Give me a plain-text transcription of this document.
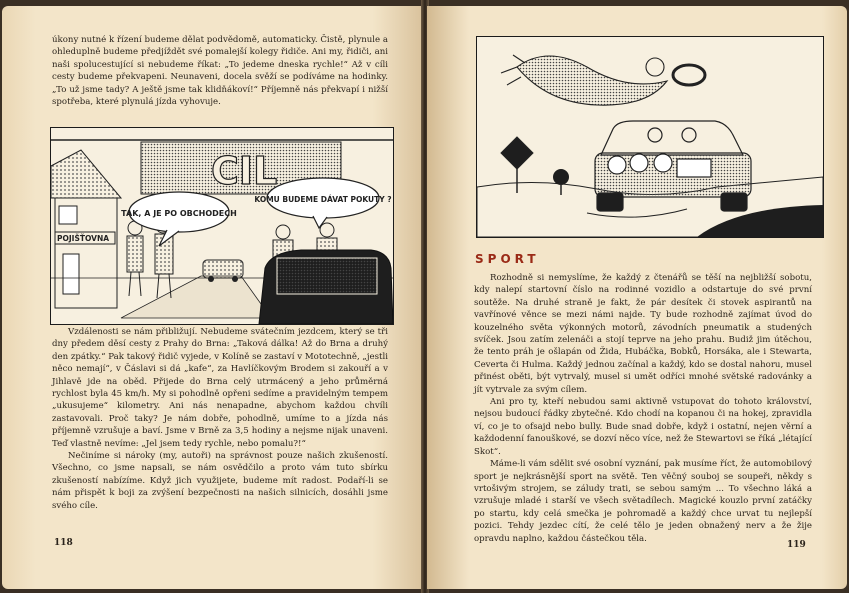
úkony nutné k řízení budeme dělat podvědomě, automaticky. Čistě, plynule a ohleduplně budeme předjíždět své pomalejší kolegy řidiče. Ani my, řidiči, ani naši spolucestující si nebudeme říkat: „To jedeme dneska rychle!“ Až v cíli cesty budeme překvapeni. Neunaveni, docela svěží se podíváme na hodinky. „To už jsme tady? A ještě jsme tak klidňákoví!“ Příjemně nás překvapí i nižší spotřeba, které plynulá jízda vyhovuje.

CIL
POJIŠŤOVNA
TAK, A JE PO OBCHODECH
KOMU BUDEME DÁVAT POKUTY ?

Vzdálenosti se nám přibližují. Nebudeme svátečním jezdcem, který se tři dny předem děsí cesty z Prahy do Brna: „Taková dálka! Až do Brna a druhý den zpátky.“ Pak takový řidič vyjede, v Kolíně se zastaví v Mototechně, „jestli něco nemají“, v Čáslavi si dá „kafe“, za Havlíčkovým Brodem si zakouří a v Jihlavě jde na oběd. Přijede do Brna celý utrmácený a jeho průměrná rychlost byla 45 km/h. My si pohodlně opřeni sedíme a pravidelným tempem „ukusujeme“ kilometry. Ani nás nenapadne, abychom každou chvíli zastavovali. Proč taky? Je nám dobře, pohodlně, umíme to a jízda nás příjemně vzrušuje a baví. Jsme v Brně za 3,5 hodiny a nejsme nijak unaveni. Teď vlastně nevíme: „Jel jsem tedy rychle, nebo pomalu?!“

Nečiníme si nároky (my, autoři) na správnost pouze našich zkušeností. Všechno, co jsme napsali, se nám osvědčilo a proto vám tuto sbírku zkušeností nabízíme. Když jich využijete, budeme mít radost. Podaří-li se nám přispět k boji za zvýšení bezpečnosti na našich silnicích, dosáhli jsme svého cíle.

118
SPORT

Rozhodně si nemyslíme, že každý z čtenářů se těší na nejbližší sobotu, kdy nalepí startovní číslo na rodinné vozidlo a odstartuje do své první soutěže. Na druhé straně je fakt, že pár desítek či stovek aspirantů na vavřínové věnce se mezi námi najde. Ty bude rozhodně zajímat úvod do kouzelného světa výkonných motorů, závodních pneumatik a studených svíček. Jsou zatím zelenáči a stojí teprve na jeho prahu. Budiž jim útěchou, že tento práh je ošlapán od Žida, Hubáčka, Bobků, Horsáka, ale i Stewarta, Ceverta či Hulma. Každý jednou začínal a každý, kdo se dostal nahoru, musel přinést oběti, být vytrvalý, musel si umět odříci mnohé světské radovánky a jít vytrvale za svým cílem.

Ani pro ty, kteří nebudou sami aktivně vstupovat do tohoto království, nejsou budoucí řádky zbytečné. Kdo chodí na kopanou či na hokej, zpravidla ví, co je to ofsajd nebo bully. Bude snad dobře, když i ostatní, nejen věrní a každodenní fanouškové, se dozví něco více, než že Stewartovi se říká „létající Skot“.

Máme-li vám sdělit své osobní vyznání, pak musíme říct, že automobilový sport je nejkrásnější sport na světě. Ten věčný souboj se soupeři, někdy s vrtošivým strojem, se záludy trati, se sebou samým ... To všechno láká a vzrušuje mladé i starší ve všech světadílech. Magické kouzlo první zatáčky po startu, kdy celá smečka je pohromadě a každý chce urvat tu nejlepší pozici. Tehdy jezdec cítí, že celé tělo je jeden obnažený nerv a že žije opravdu naplno, každou částečkou těla.

119
